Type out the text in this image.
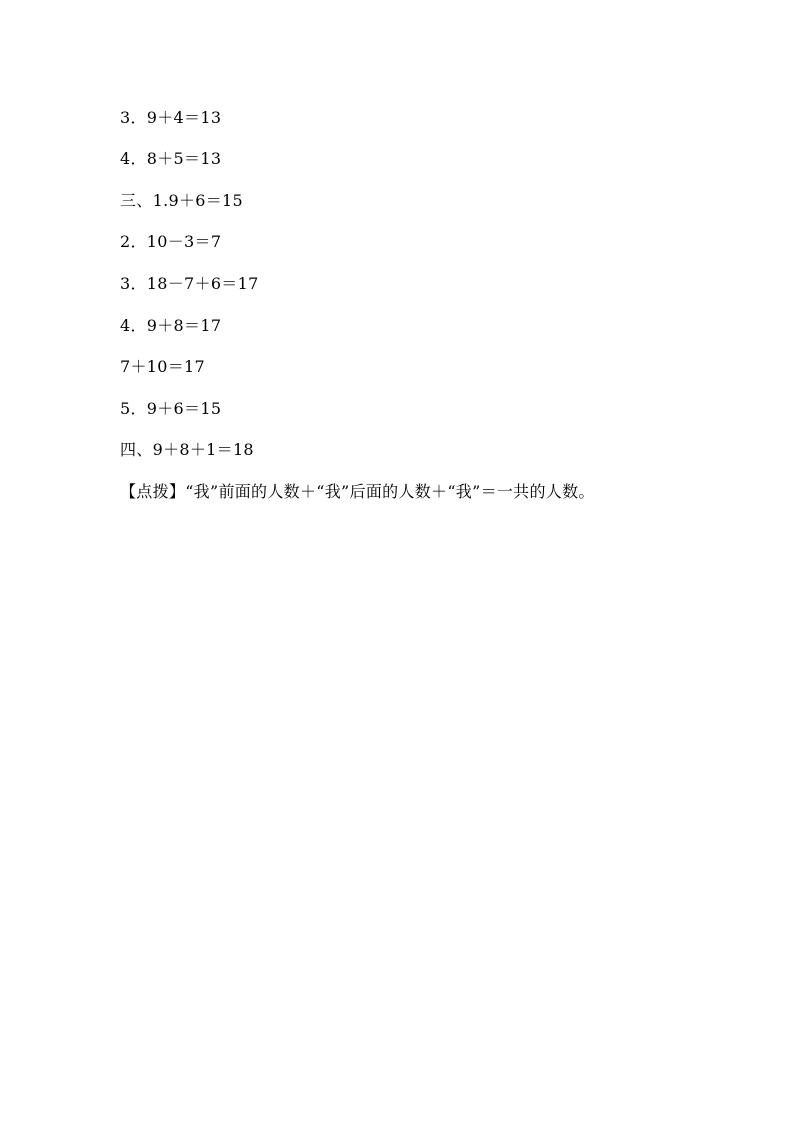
3．9＋4＝13
4．8＋5＝13
三、1.9＋6＝15
2．10－3＝7
3．18－7＋6＝17
4．9＋8＝17
7＋10＝17
5．9＋6＝15
四、9＋8＋1＝18
【点拨】“我”前面的人数＋“我”后面的人数＋“我”＝一共的人数。
